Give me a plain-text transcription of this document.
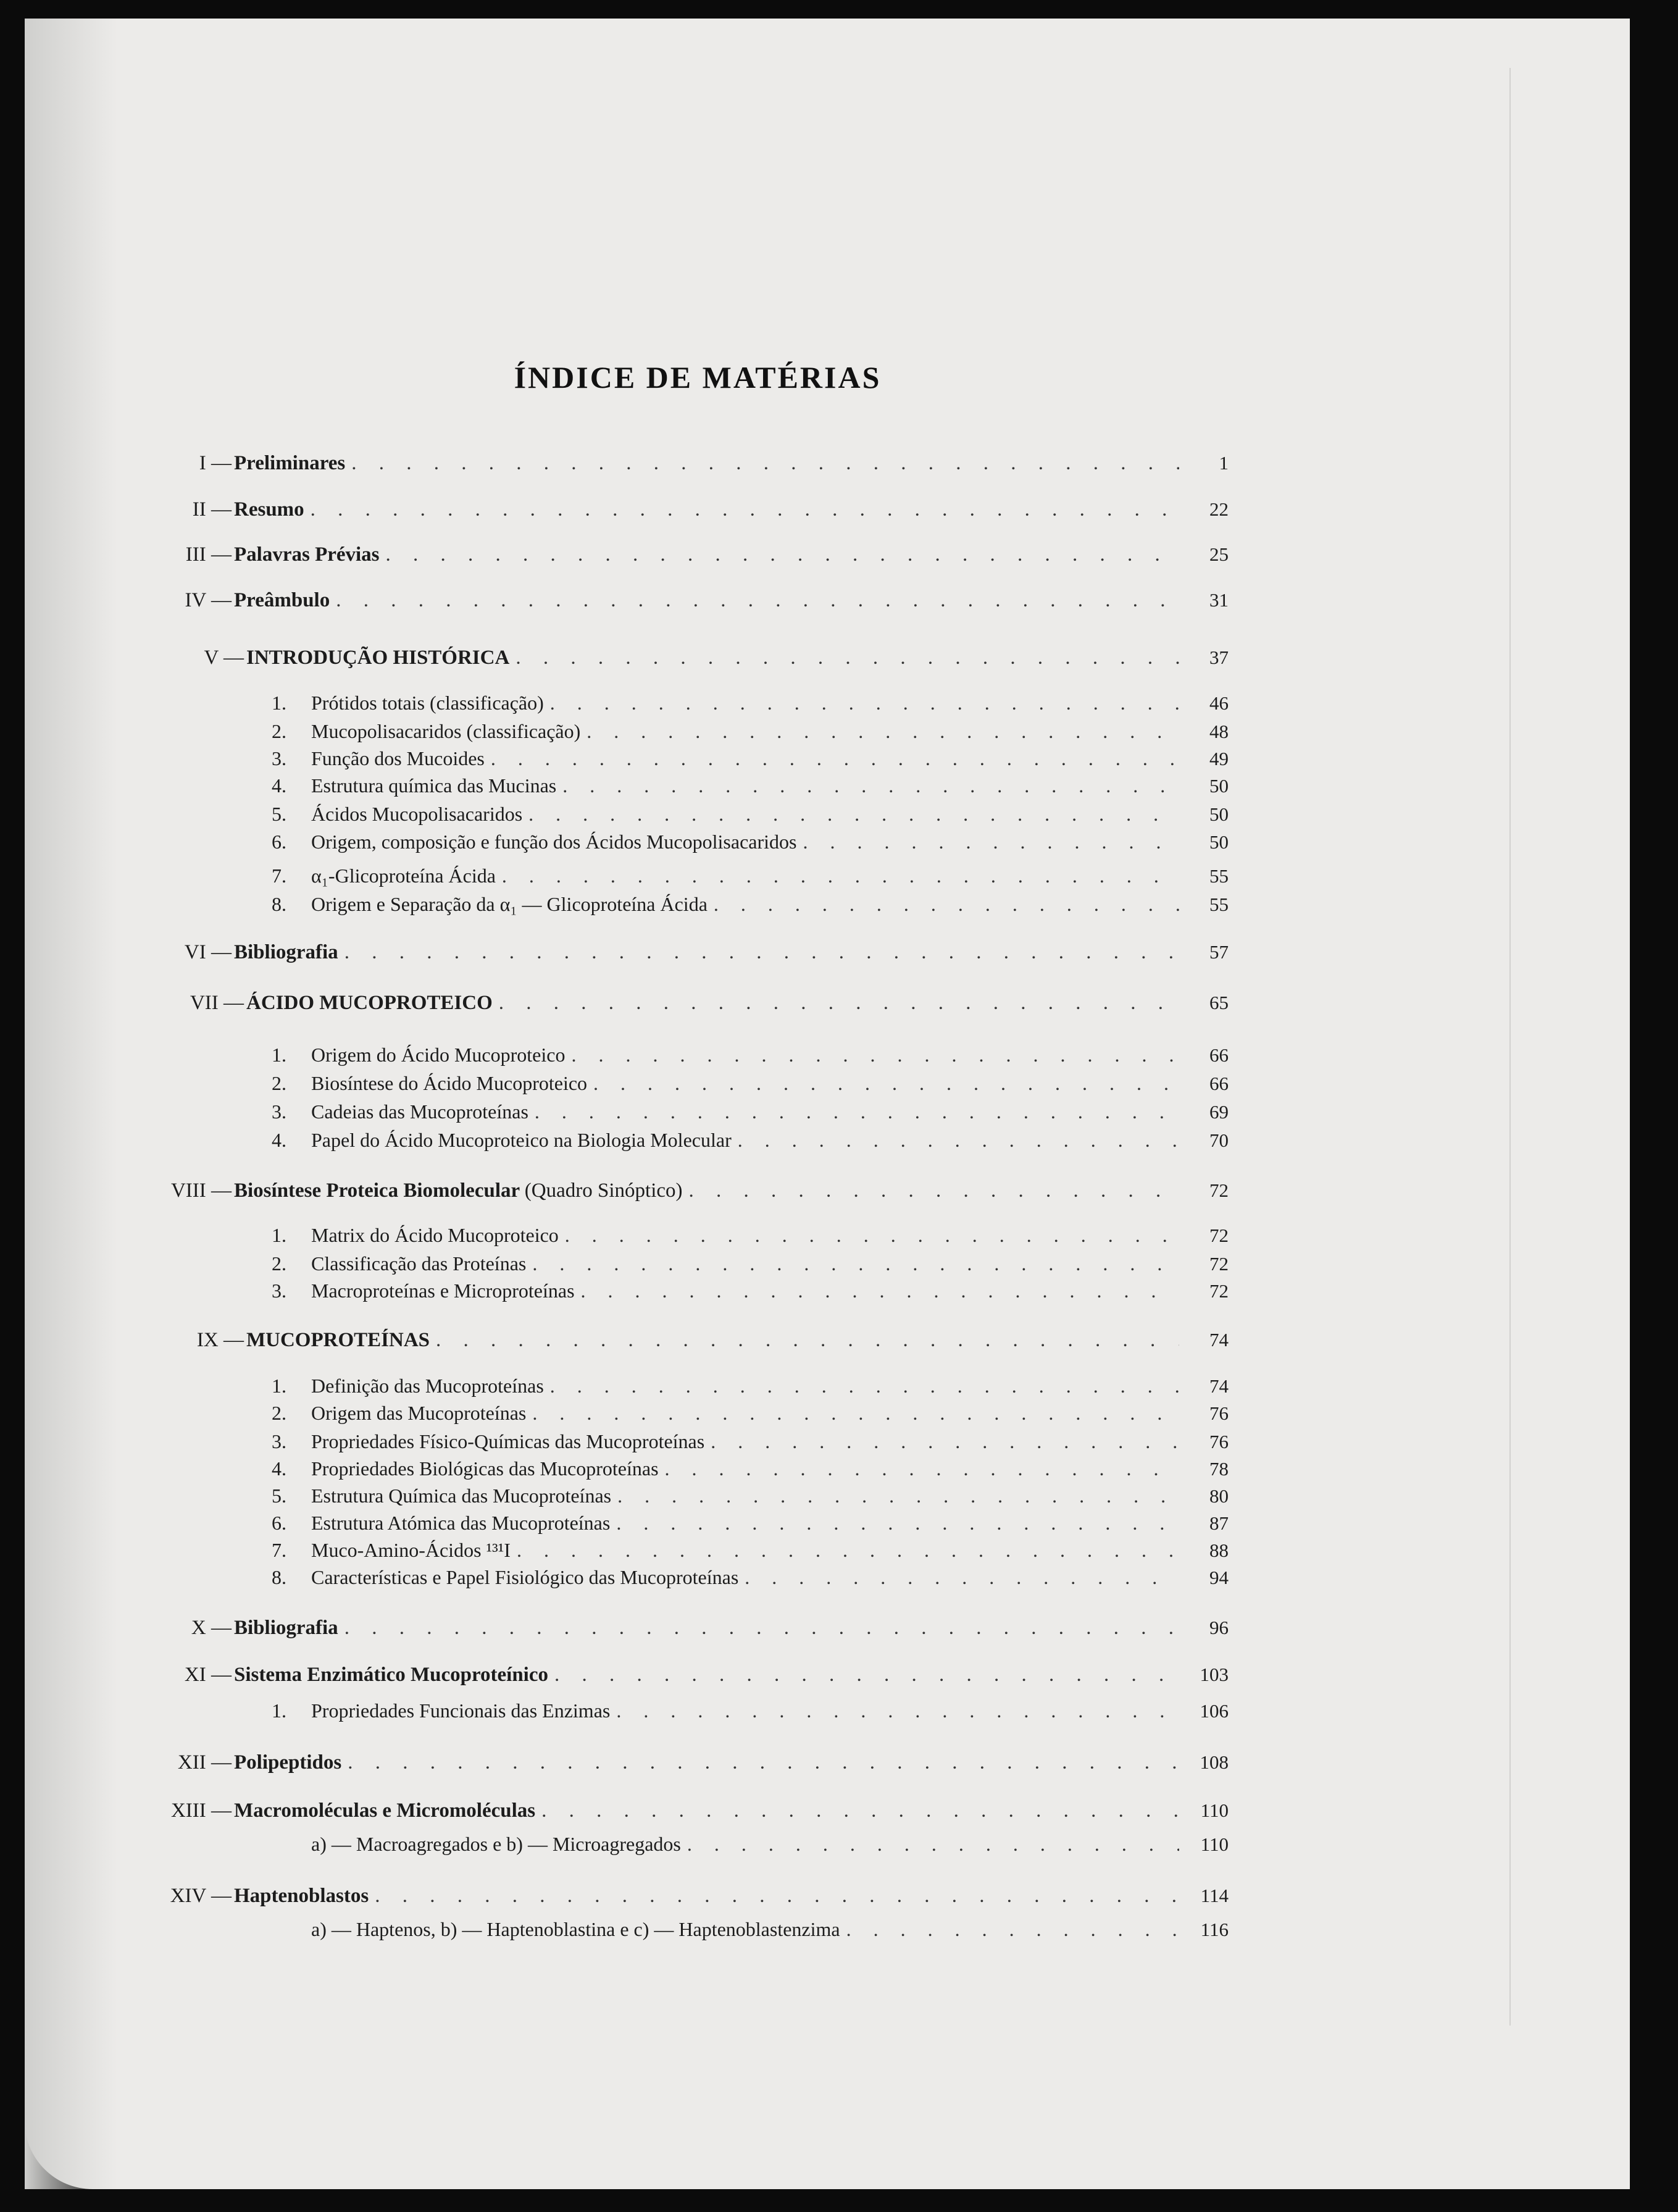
ÍNDICE DE MATÉRIAS
I — Preliminares . . .	1
II — Resumo . . .	22
III — Palavras Prévias . . .	25
IV — Preâmbulo . . .	31
V — INTRODUÇÃO HISTÓRICA . . .	37
1.	Prótidos totais (classificação) . . .	46
2.	Mucopolisacaridos (classificação) . . .	48
3.	Função dos Mucoides . . .	49
4.	Estrutura química das Mucinas . . .	50
5.	Ácidos Mucopolisacaridos . . .	50
6.	Origem, composição e função dos Ácidos Mucopolisacaridos . . .	50
7.	α₁-Glicoproteína Ácida . . .	55
8.	Origem e Separação da α₁ — Glicoproteína Ácida . . .	55
VI — Bibliografia . . .	57
VII — ÁCIDO MUCOPROTEICO . . .	65
1.	Origem do Ácido Mucoproteico . . .	66
2.	Biosíntese do Ácido Mucoproteico . . .	66
3.	Cadeias das Mucoproteínas . . .	69
4.	Papel do Ácido Mucoproteico na Biologia Molecular . . .	70
VIII — Biosíntese Proteica Biomolecular (Quadro Sinóptico) . . .	72
1.	Matrix do Ácido Mucoproteico . . .	72
2.	Classificação das Proteínas . . .	72
3.	Macroproteínas e Microproteínas . . .	72
IX — MUCOPROTEÍNAS . . .	74
1.	Definição das Mucoproteínas . . .	74
2.	Origem das Mucoproteínas . . .	76
3.	Propriedades Físico-Químicas das Mucoproteínas . . .	76
4.	Propriedades Biológicas das Mucoproteínas . . .	78
5.	Estrutura Química das Mucoproteínas . . .	80
6.	Estrutura Atómica das Mucoproteínas . . .	87
7.	Muco-Amino-Ácidos ¹³¹I . . .	88
8.	Características e Papel Fisiológico das Mucoproteínas . . .	94
X — Bibliografia . . .	96
XI — Sistema Enzimático Mucoproteínico . . .	103
1.	Propriedades Funcionais das Enzimas . . .	106
XII — Polipeptidos . . .	108
XIII — Macromoléculas e Micromoléculas . . .	110
a) — Macroagregados e b) — Microagregados . . .	110
XIV — Haptenoblastos . . .	114
a) — Haptenos, b) — Haptenoblastina e c) — Haptenoblastenzima . . .	116
